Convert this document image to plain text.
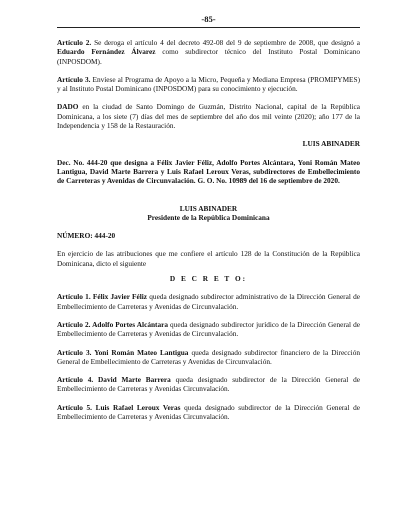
-85-

Artículo 2. Se deroga el artículo 4 del decreto 492-08 del 9 de septiembre de 2008, que designó a Eduardo Fernández Álvarez como subdirector técnico del Instituto Postal Dominicano (INPOSDOM).

Artículo 3. Envíese al Programa de Apoyo a la Micro, Pequeña y Mediana Empresa (PROMIPYMES) y al Instituto Postal Dominicano (INPOSDOM) para su conocimiento y ejecución.

DADO en la ciudad de Santo Domingo de Guzmán, Distrito Nacional, capital de la República Dominicana, a los siete (7) días del mes de septiembre del año dos mil veinte (2020); año 177 de la Independencia y 158 de la Restauración.

LUIS ABINADER

Dec. No. 444-20 que designa a Félix Javier Féliz, Adolfo Portes Alcántara, Yoni Román Mateo Lantigua, David Marte Barrera y Luis Rafael Leroux Veras, subdirectores de Embellecimiento de Carreteras y Avenidas de Circunvalación. G. O. No. 10989 del 16 de septiembre de 2020.

LUIS ABINADER

Presidente de la República Dominicana

NÚMERO: 444-20

En ejercicio de las atribuciones que me confiere el artículo 128 de la Constitución de la República Dominicana, dicto el siguiente

D E C R E T O:

Artículo 1. Félix Javier Féliz queda designado subdirector administrativo de la Dirección General de Embellecimiento de Carreteras y Avenidas de Circunvalación.

Artículo 2. Adolfo Portes Alcántara queda designado subdirector jurídico de la Dirección General de Embellecimiento de Carreteras y Avenidas de Circunvalación.

Artículo 3. Yoni Román Mateo Lantigua queda designado subdirector financiero de la Dirección General de Embellecimiento de Carreteras y Avenidas de Circunvalación.

Artículo 4. David Marte Barrera queda designado subdirector de la Dirección General de Embellecimiento de Carreteras y Avenidas Circunvalación.

Artículo 5. Luis Rafael Leroux Veras queda designado subdirector de la Dirección General de Embellecimiento de Carreteras y Avenidas Circunvalación.
